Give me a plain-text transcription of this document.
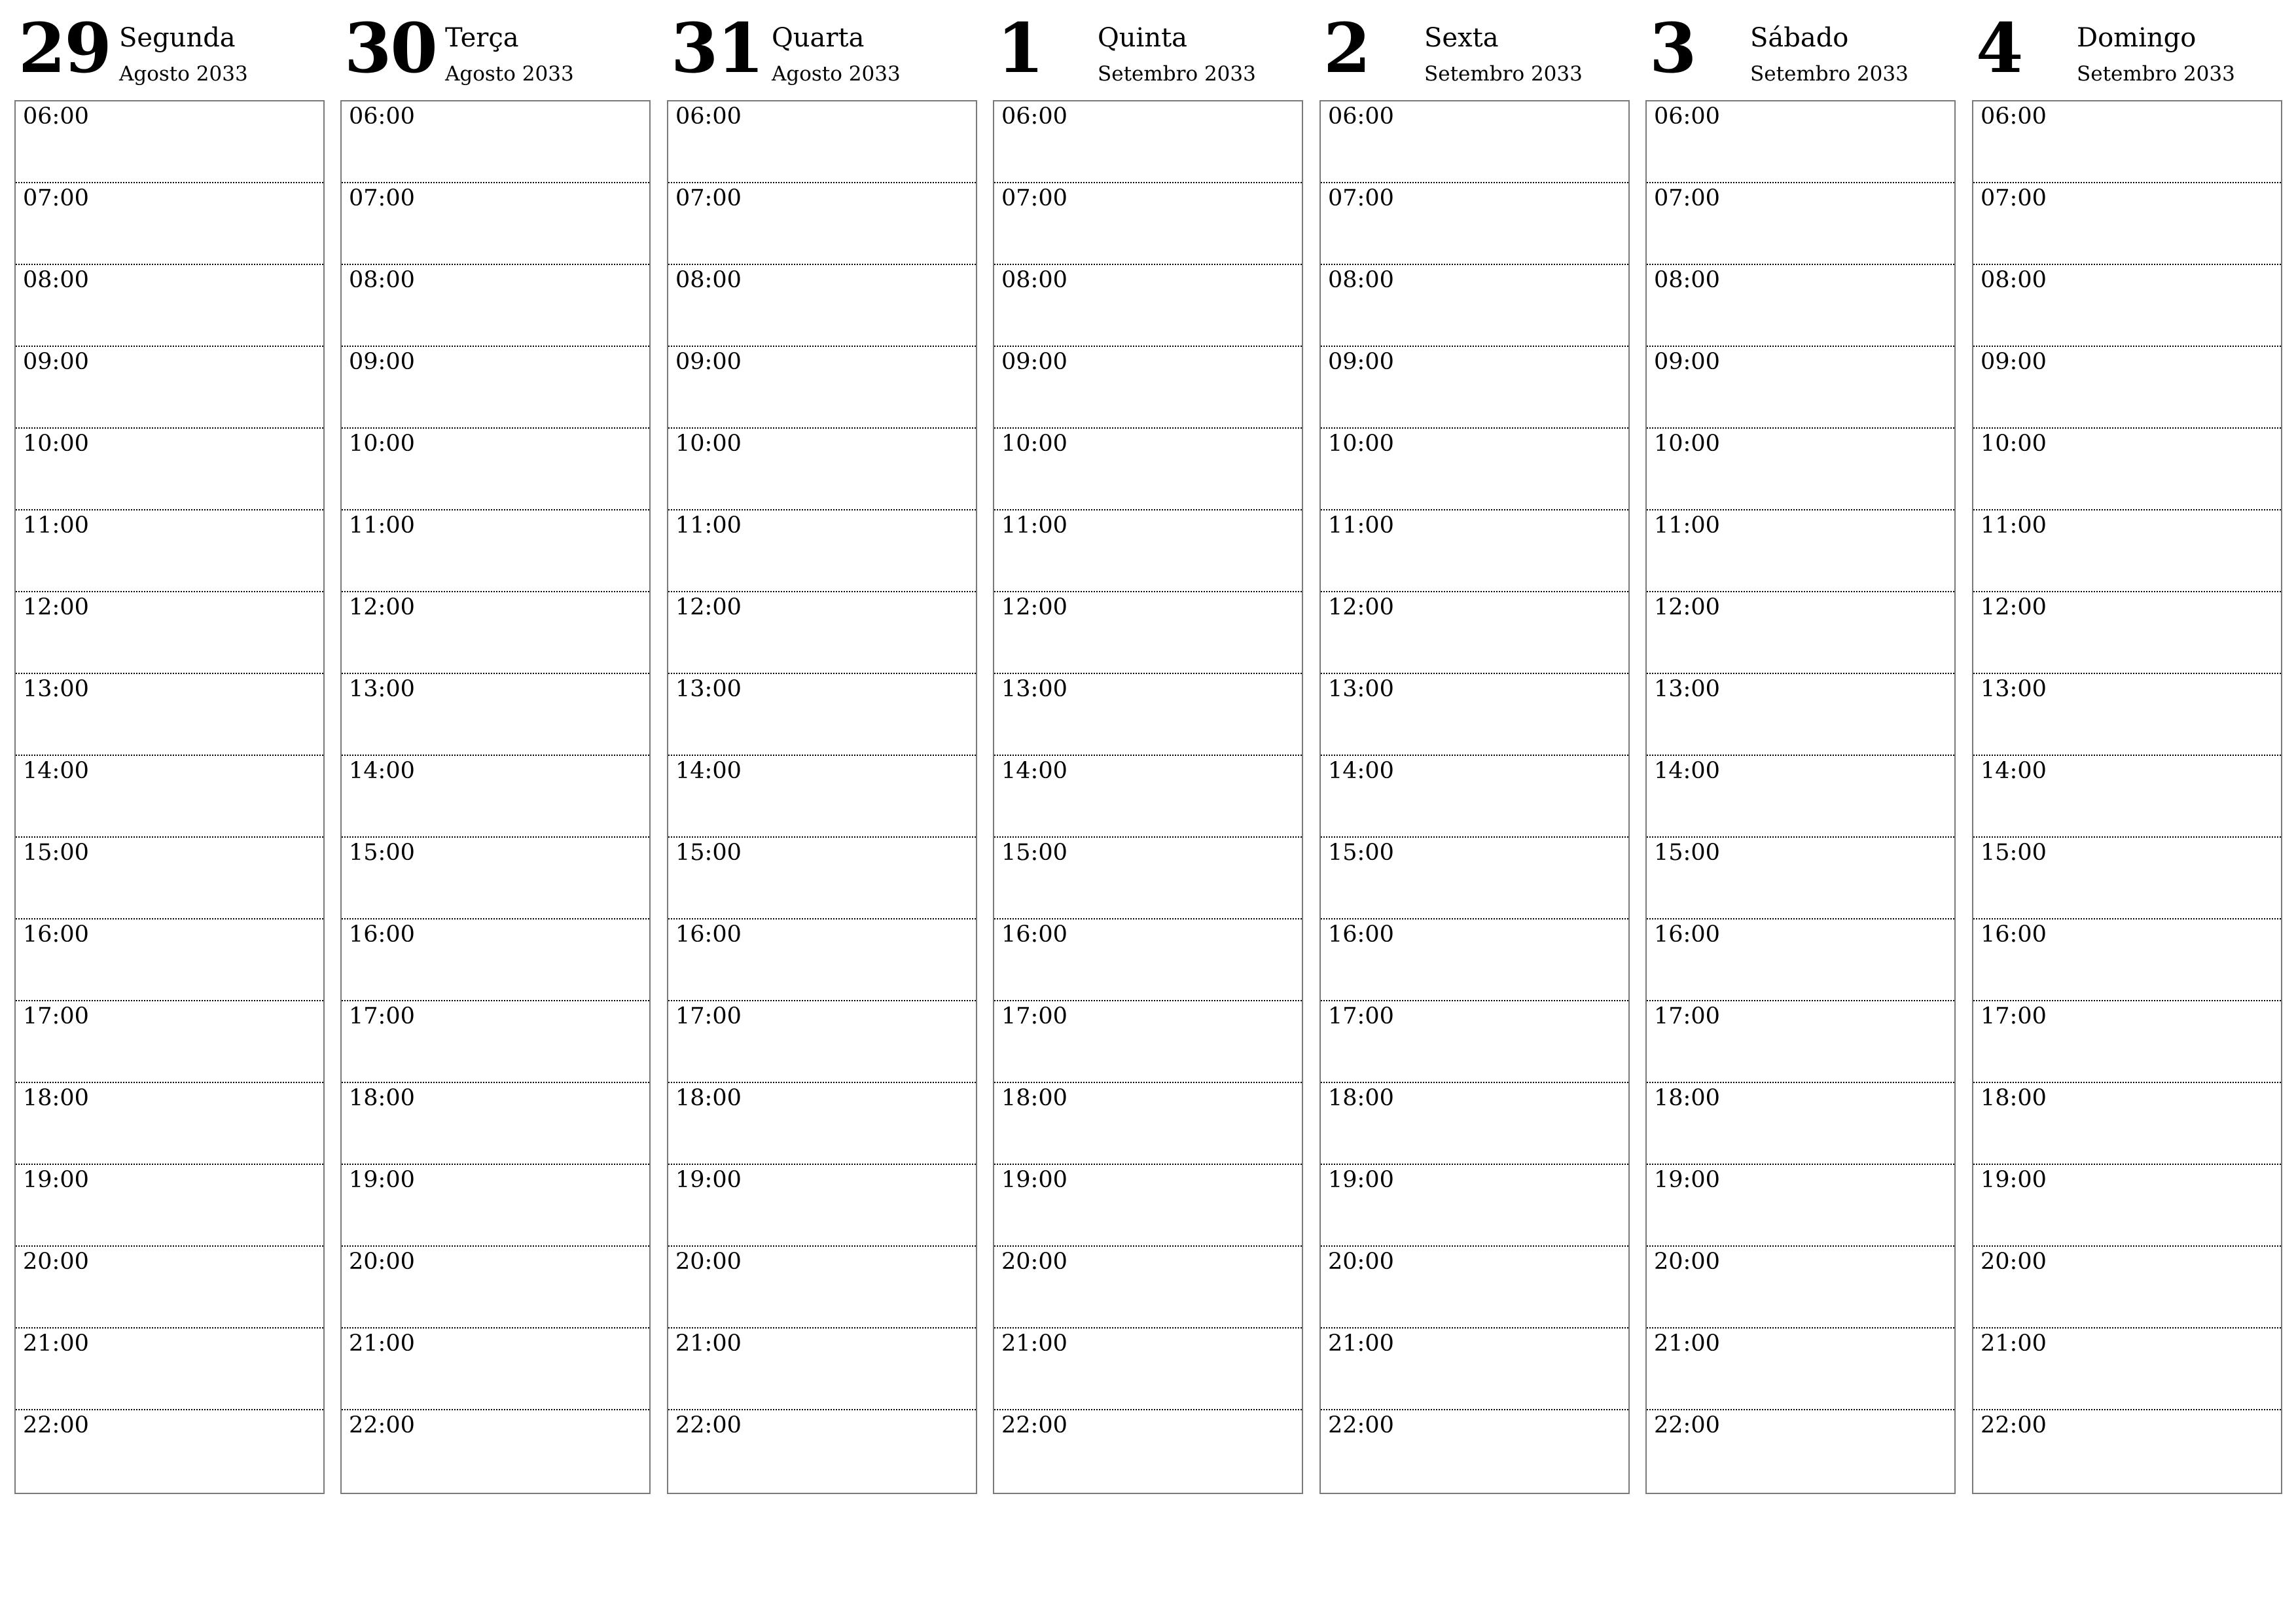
29 Segunda
Agosto 2033
06:00
07:00
08:00
09:00
10:00
11:00
12:00
13:00
14:00
15:00
16:00
17:00
18:00
19:00
20:00
21:00
22:00
30 Terça
Agosto 2033
06:00
07:00
08:00
09:00
10:00
11:00
12:00
13:00
14:00
15:00
16:00
17:00
18:00
19:00
20:00
21:00
22:00
31 Quarta
Agosto 2033
06:00
07:00
08:00
09:00
10:00
11:00
12:00
13:00
14:00
15:00
16:00
17:00
18:00
19:00
20:00
21:00
22:00
1 Quinta
Setembro 2033
06:00
07:00
08:00
09:00
10:00
11:00
12:00
13:00
14:00
15:00
16:00
17:00
18:00
19:00
20:00
21:00
22:00
2 Sexta
Setembro 2033
06:00
07:00
08:00
09:00
10:00
11:00
12:00
13:00
14:00
15:00
16:00
17:00
18:00
19:00
20:00
21:00
22:00
3 Sábado
Setembro 2033
06:00
07:00
08:00
09:00
10:00
11:00
12:00
13:00
14:00
15:00
16:00
17:00
18:00
19:00
20:00
21:00
22:00
4 Domingo
Setembro 2033
06:00
07:00
08:00
09:00
10:00
11:00
12:00
13:00
14:00
15:00
16:00
17:00
18:00
19:00
20:00
21:00
22:00
